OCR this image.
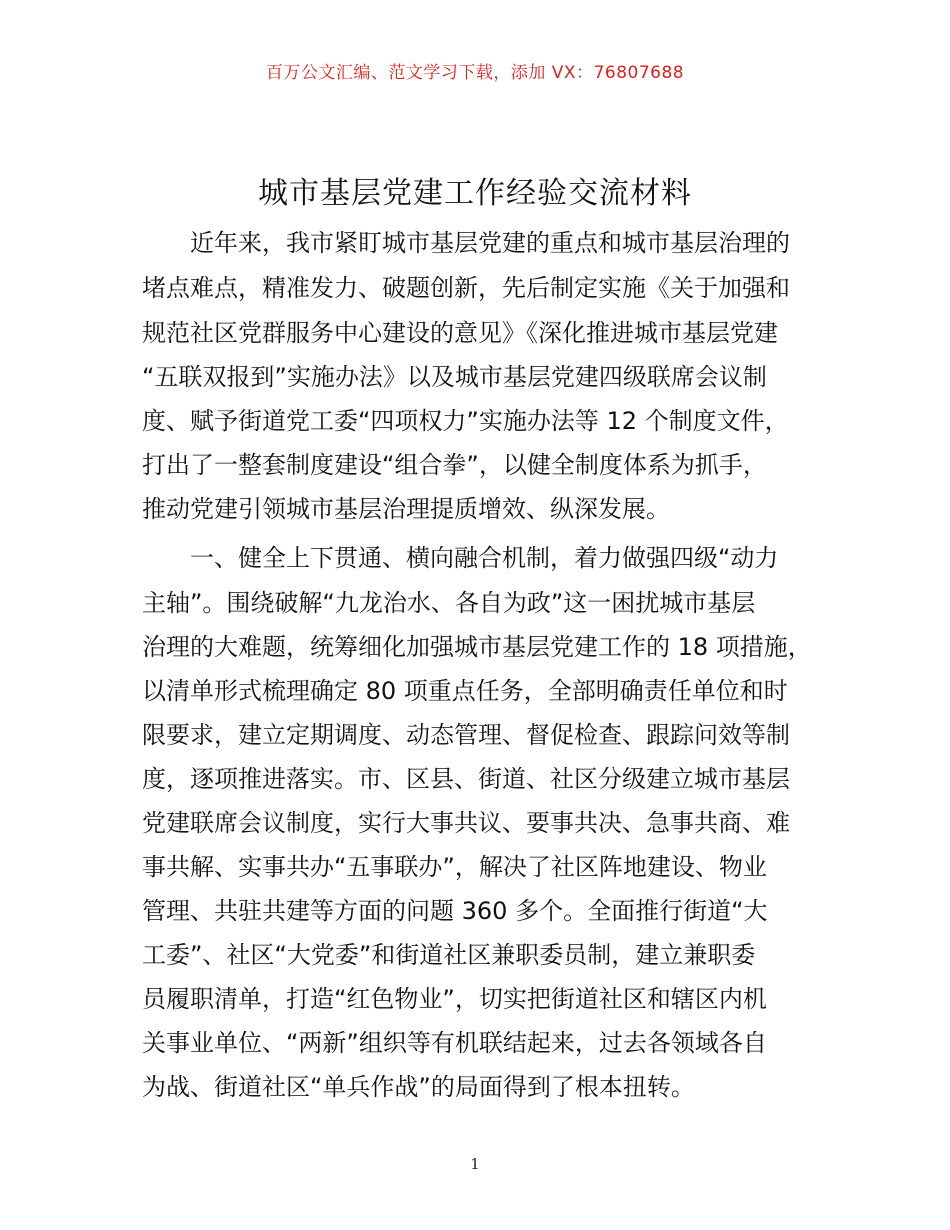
百万公文汇编、范文学习下载，添加 VX：76807688
城市基层党建工作经验交流材料
　　近年来，我市紧盯城市基层党建的重点和城市基层治理的
堵点难点，精准发力、破题创新，先后制定实施《关于加强和
规范社区党群服务中心建设的意见》《深化推进城市基层党建
“五联双报到”实施办法》以及城市基层党建四级联席会议制
度、赋予街道党工委“四项权力”实施办法等 12 个制度文件，
打出了一整套制度建设“组合拳”，以健全制度体系为抓手，
推动党建引领城市基层治理提质增效、纵深发展。
　　一、健全上下贯通、横向融合机制，着力做强四级“动力
主轴”。围绕破解“九龙治水、各自为政”这一困扰城市基层
治理的大难题，统筹细化加强城市基层党建工作的 18 项措施，
以清单形式梳理确定 80 项重点任务，全部明确责任单位和时
限要求，建立定期调度、动态管理、督促检查、跟踪问效等制
度，逐项推进落实。市、区县、街道、社区分级建立城市基层
党建联席会议制度，实行大事共议、要事共决、急事共商、难
事共解、实事共办“五事联办”，解决了社区阵地建设、物业
管理、共驻共建等方面的问题 360 多个。全面推行街道“大
工委”、社区“大党委”和街道社区兼职委员制，建立兼职委
员履职清单，打造“红色物业”，切实把街道社区和辖区内机
关事业单位、“两新”组织等有机联结起来，过去各领域各自
为战、街道社区“单兵作战”的局面得到了根本扭转。
1
